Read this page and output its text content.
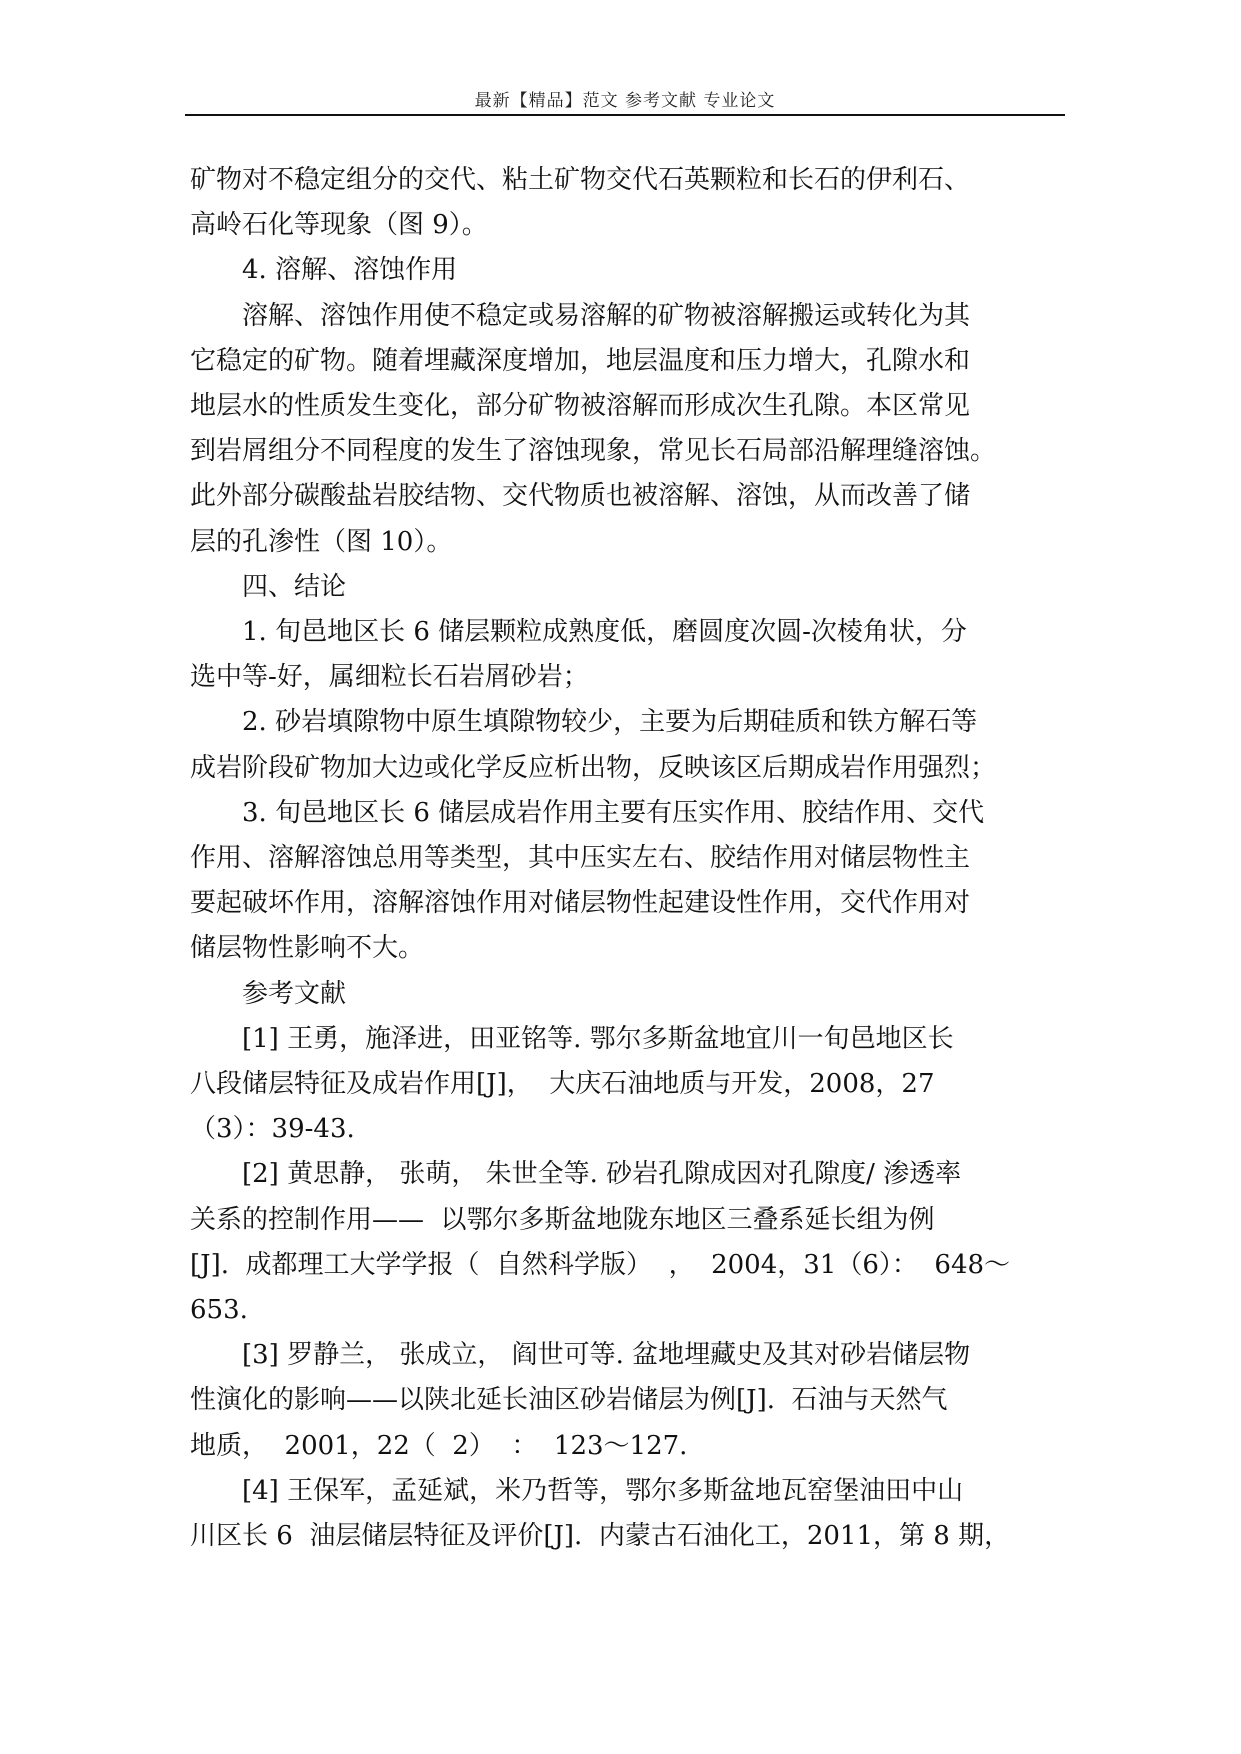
最新【精品】范文 参考文献 专业论文
矿物对不稳定组分的交代、粘土矿物交代石英颗粒和长石的伊利石、
高岭石化等现象（图 9）。
4. 溶解、溶蚀作用
溶解、溶蚀作用使不稳定或易溶解的矿物被溶解搬运或转化为其
它稳定的矿物。随着埋藏深度增加，地层温度和压力增大，孔隙水和
地层水的性质发生变化，部分矿物被溶解而形成次生孔隙。本区常见
到岩屑组分不同程度的发生了溶蚀现象，常见长石局部沿解理缝溶蚀。
此外部分碳酸盐岩胶结物、交代物质也被溶解、溶蚀，从而改善了储
层的孔渗性（图 10）。
四、结论
1. 旬邑地区长 6 储层颗粒成熟度低，磨圆度次圆-次棱角状，分
选中等-好，属细粒长石岩屑砂岩；
2. 砂岩填隙物中原生填隙物较少，主要为后期硅质和铁方解石等
成岩阶段矿物加大边或化学反应析出物，反映该区后期成岩作用强烈；
3. 旬邑地区长 6 储层成岩作用主要有压实作用、胶结作用、交代
作用、溶解溶蚀总用等类型，其中压实左右、胶结作用对储层物性主
要起破坏作用，溶解溶蚀作用对储层物性起建设性作用，交代作用对
储层物性影响不大。
参考文献
[1] 王勇，施泽进，田亚铭等. 鄂尔多斯盆地宜川一旬邑地区长
八段储层特征及成岩作用[J]，  大庆石油地质与开发，2008，27
（3）：39-43.
[2] 黄思静， 张萌， 朱世全等. 砂岩孔隙成因对孔隙度/ 渗透率
关系的控制作用——  以鄂尔多斯盆地陇东地区三叠系延长组为例
[J].  成都理工大学学报（  自然科学版）  ，  2004，31（6）：  648～
653.
[3] 罗静兰， 张成立， 阎世可等. 盆地埋藏史及其对砂岩储层物
性演化的影响——以陕北延长油区砂岩储层为例[J].  石油与天然气
地质，  2001，22（  2）  ：  123～127.
[4] 王保军，孟延斌，米乃哲等，鄂尔多斯盆地瓦窑堡油田中山
川区长 6  油层储层特征及评价[J].  内蒙古石油化工，2011，第 8 期，
